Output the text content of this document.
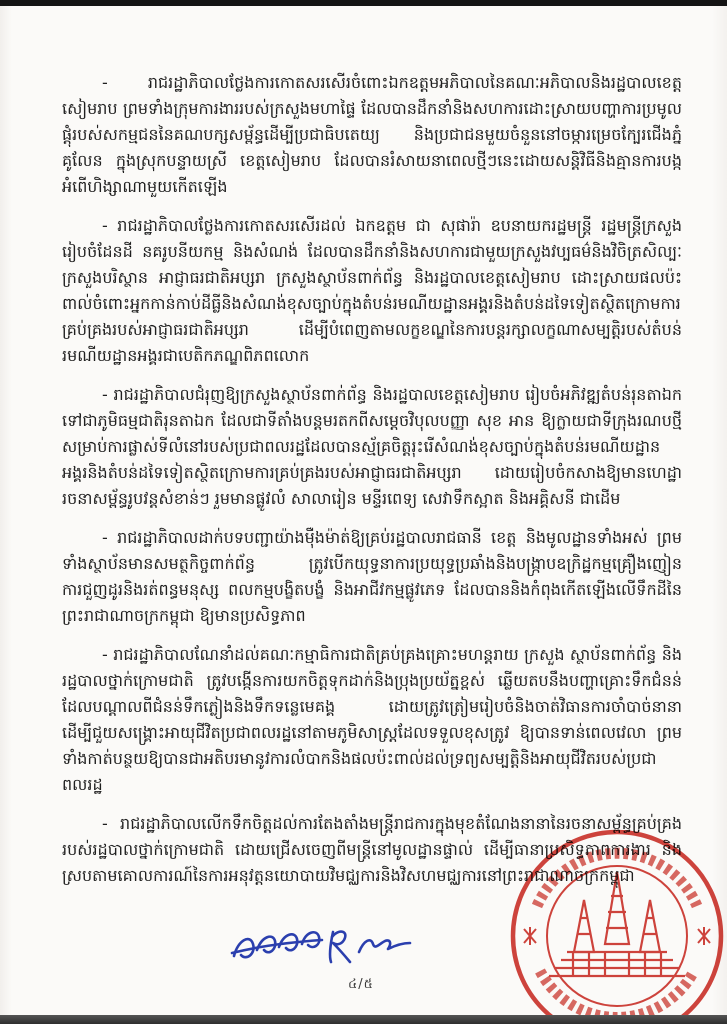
- រាជរដ្ឋាភិបាលថ្លែងការកោតសរសើរចំពោះឯកឧត្តមអភិបាលនៃគណៈអភិបាលនិងរដ្ឋបាលខេត្តសៀមរាប ព្រមទាំងក្រុមការងាររបស់ក្រសួងមហាផ្ទៃ ដែលបានដឹកនាំនិងសហការដោះស្រាយបញ្ហាការប្រមូលផ្តុំរបស់សកម្មជននៃគណបក្សសម្ព័ន្ធដើម្បីប្រជាធិបតេយ្យ និងប្រជាជនមួយចំនួននៅចម្ការម្រេចក្បែរជើងភ្នំគូលែន ក្នុងស្រុកបន្ទាយស្រី ខេត្តសៀមរាប ដែលបានរំសាយនាពេលថ្មីៗនេះដោយសន្តិវិធីនិងគ្មានការបង្កអំពើហិង្សាណាមួយកើតឡើង

- រាជរដ្ឋាភិបាលថ្លែងការកោតសរសើរដល់ ឯកឧត្តម ជា សុផារ៉ា ឧបនាយករដ្ឋមន្ត្រី រដ្ឋមន្ត្រីក្រសួងរៀបចំដែនដី នគរូបនីយកម្ម និងសំណង់ ដែលបានដឹកនាំនិងសហការជាមួយក្រសួងវប្បធម៌និងវិចិត្រសិល្បៈ ក្រសួងបរិស្ថាន អាជ្ញាធរជាតិអប្សរា ក្រសួងស្ថាប័នពាក់ព័ន្ធ និងរដ្ឋបាលខេត្តសៀមរាប ដោះស្រាយផលប៉ះពាល់ចំពោះអ្នកកាន់កាប់ដីធ្លីនិងសំណង់ខុសច្បាប់ក្នុងតំបន់រមណីយដ្ឋានអង្គរនិងតំបន់ដទៃទៀតស្ថិតក្រោមការគ្រប់គ្រងរបស់អាជ្ញាធរជាតិអប្សរា ដើម្បីបំពេញតាមលក្ខខណ្ឌនៃការបន្តរក្សាលក្ខណាសម្បត្តិរបស់តំបន់រមណីយដ្ឋានអង្គរជាបេតិកភណ្ឌពិភពលោក

- រាជរដ្ឋាភិបាលជំរុញឱ្យក្រសួងស្ថាប័នពាក់ព័ន្ធ និងរដ្ឋបាលខេត្តសៀមរាប រៀបចំអភិវឌ្ឍតំបន់រុនតាឯក ទៅជាភូមិធម្មជាតិរុនតាឯក ដែលជាទីតាំងបន្តមរតកពីសម្តេចវិបុលបញ្ញា សុខ អាន ឱ្យក្លាយជាទីក្រុងរណបថ្មីសម្រាប់ការផ្លាស់ទីលំនៅរបស់ប្រជាពលរដ្ឋដែលបានស្ម័គ្រចិត្តរុះរើសំណង់ខុសច្បាប់ក្នុងតំបន់រមណីយដ្ឋានអង្គរនិងតំបន់ដទៃទៀតស្ថិតក្រោមការគ្រប់គ្រងរបស់អាជ្ញាធរជាតិអប្សរា ដោយរៀបចំកសាងឱ្យមានហេដ្ឋារចនាសម្ព័ន្ធរូបវន្តសំខាន់ៗ រួមមានផ្លូវលំ សាលារៀន មន្ទីរពេទ្យ សេវាទឹកស្អាត និងអគ្គិសនី ជាដើម

- រាជរដ្ឋាភិបាលដាក់បទបញ្ជាយ៉ាងម៉ឺងម៉ាត់ឱ្យគ្រប់រដ្ឋបាលរាជធានី ខេត្ត និងមូលដ្ឋានទាំងអស់ ព្រមទាំងស្ថាប័នមានសមត្ថកិច្ចពាក់ព័ន្ធ ត្រូវបើកយុទ្ធនាការប្រយុទ្ធប្រឆាំងនិងបង្ក្រាបឧក្រិដ្ឋកម្មគ្រឿងញៀន ការជួញដូរនិងរត់ពន្ធមនុស្ស ពលកម្មបង្ខិតបង្ខំ និងអាជីវកម្មផ្លូវភេទ ដែលបាននិងកំពុងកើតឡើងលើទឹកដីនៃព្រះរាជាណាចក្រកម្ពុជា ឱ្យមានប្រសិទ្ធភាព

- រាជរដ្ឋាភិបាលណែនាំដល់គណៈកម្មាធិការជាតិគ្រប់គ្រងគ្រោះមហន្តរាយ ក្រសួង ស្ថាប័នពាក់ព័ន្ធ និងរដ្ឋបាលថ្នាក់ក្រោមជាតិ ត្រូវបង្កើនការយកចិត្តទុកដាក់និងប្រុងប្រយ័ត្នខ្ពស់ ឆ្លើយតបនឹងបញ្ហាគ្រោះទឹកជំនន់ដែលបណ្តាលពីជំនន់ទឹកភ្លៀងនិងទឹកទន្លេមេគង្គ ដោយត្រូវត្រៀមរៀបចំនិងចាត់វិធានការចាំបាច់នានាដើម្បីជួយសង្គ្រោះអាយុជីវិតប្រជាពលរដ្ឋនៅតាមភូមិសាស្ត្រដែលទទួលខុសត្រូវ ឱ្យបានទាន់ពេលវេលា ព្រមទាំងកាត់បន្ថយឱ្យបានជាអតិបរមានូវការលំបាកនិងផលប៉ះពាល់ដល់ទ្រព្យសម្បត្តិនិងអាយុជីវិតរបស់ប្រជាពលរដ្ឋ

- រាជរដ្ឋាភិបាលលើកទឹកចិត្តដល់ការតែងតាំងមន្ត្រីរាជការក្នុងមុខតំណែងនានានៃរចនាសម្ព័ន្ធគ្រប់គ្រងរបស់រដ្ឋបាលថ្នាក់ក្រោមជាតិ ដោយជ្រើសចេញពីមន្ត្រីនៅមូលដ្ឋានផ្ទាល់ ដើម្បីធានាប្រសិទ្ធភាពការងារ និងស្របតាមគោលការណ៍នៃការអនុវត្តនយោបាយវិមជ្ឈការនិងវិសហមជ្ឈការនៅព្រះរាជាណាចក្រកម្ពុជា

៤/៥
